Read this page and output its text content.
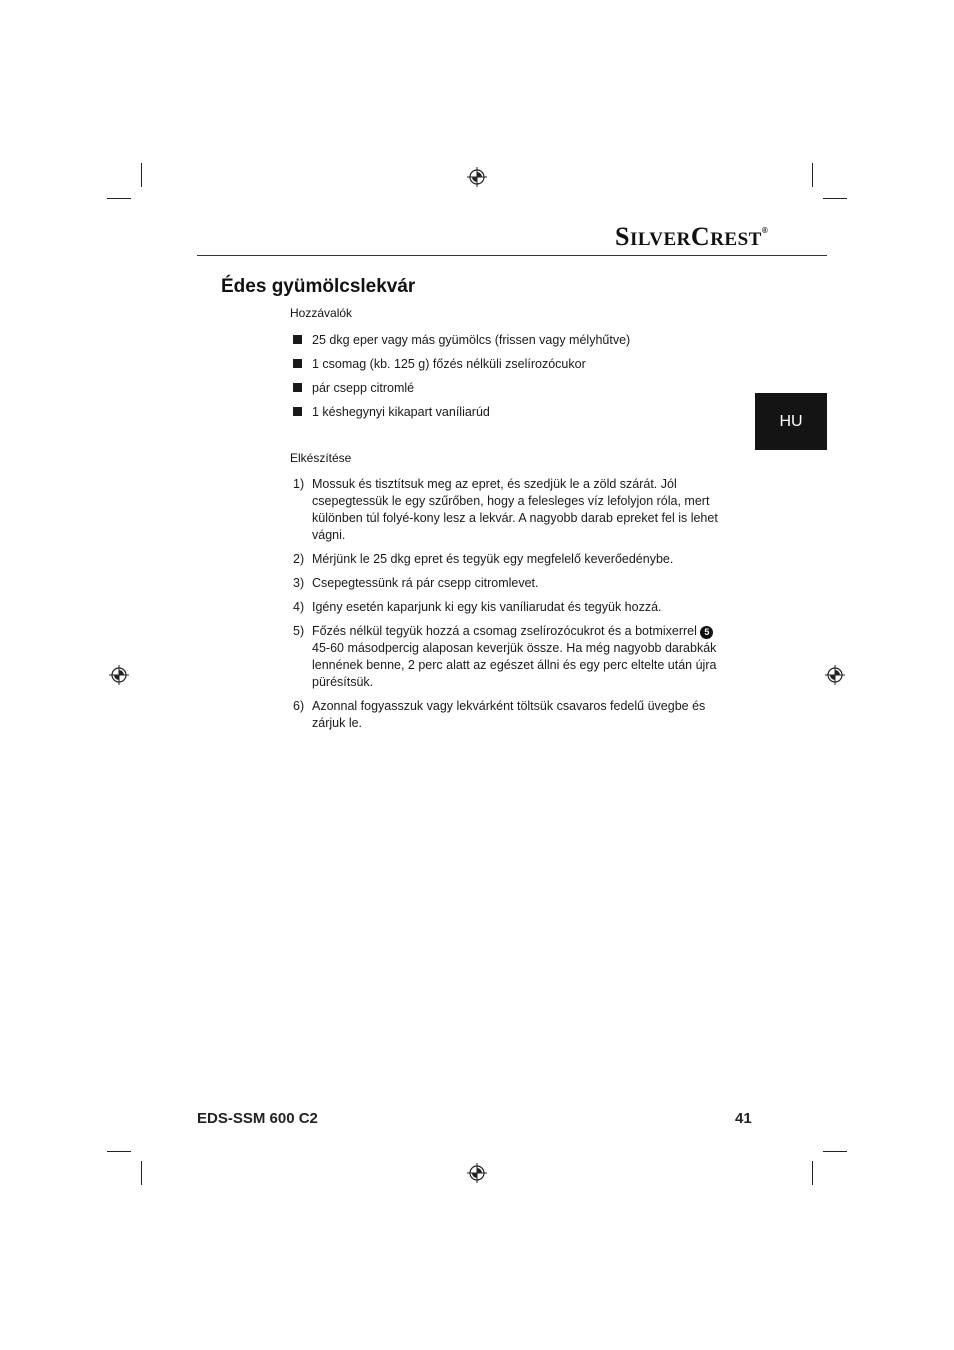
SILVERCREST®
HU
Édes gyümölcslekvár

Hozzávalók

25 dkg eper vagy más gyümölcs (frissen vagy mélyhűtve)
1 csomag (kb. 125 g) főzés nélküli zselírozócukor
pár csepp citromlé
1 késhegynyi kikapart vaníliarúd

Elkészítése

1) Mossuk és tisztítsuk meg az epret, és szedjük le a zöld szárát. Jól csepegtessük le egy szűrőben, hogy a felesleges víz lefolyjon róla, mert különben túl folyé-kony lesz a lekvár. A nagyobb darab epreket fel is lehet vágni.
2) Mérjünk le 25 dkg epret és tegyük egy megfelelő keverőedénybe.
3) Csepegtessünk rá pár csepp citromlevet.
4) Igény esetén kaparjunk ki egy kis vaníliarudat és tegyük hozzá.
5) Főzés nélkül tegyük hozzá a csomag zselírozócukrot és a botmixerrel 5
45-60 másodpercig alaposan keverjük össze. Ha még nagyobb darabkák lennének benne, 2 perc alatt az egészet állni és egy perc eltelte után újra pürésítsük.
6) Azonnal fogyasszuk vagy lekvárként töltsük csavaros fedelű üvegbe és zárjuk le.
EDS-SSM 600 C2	41
